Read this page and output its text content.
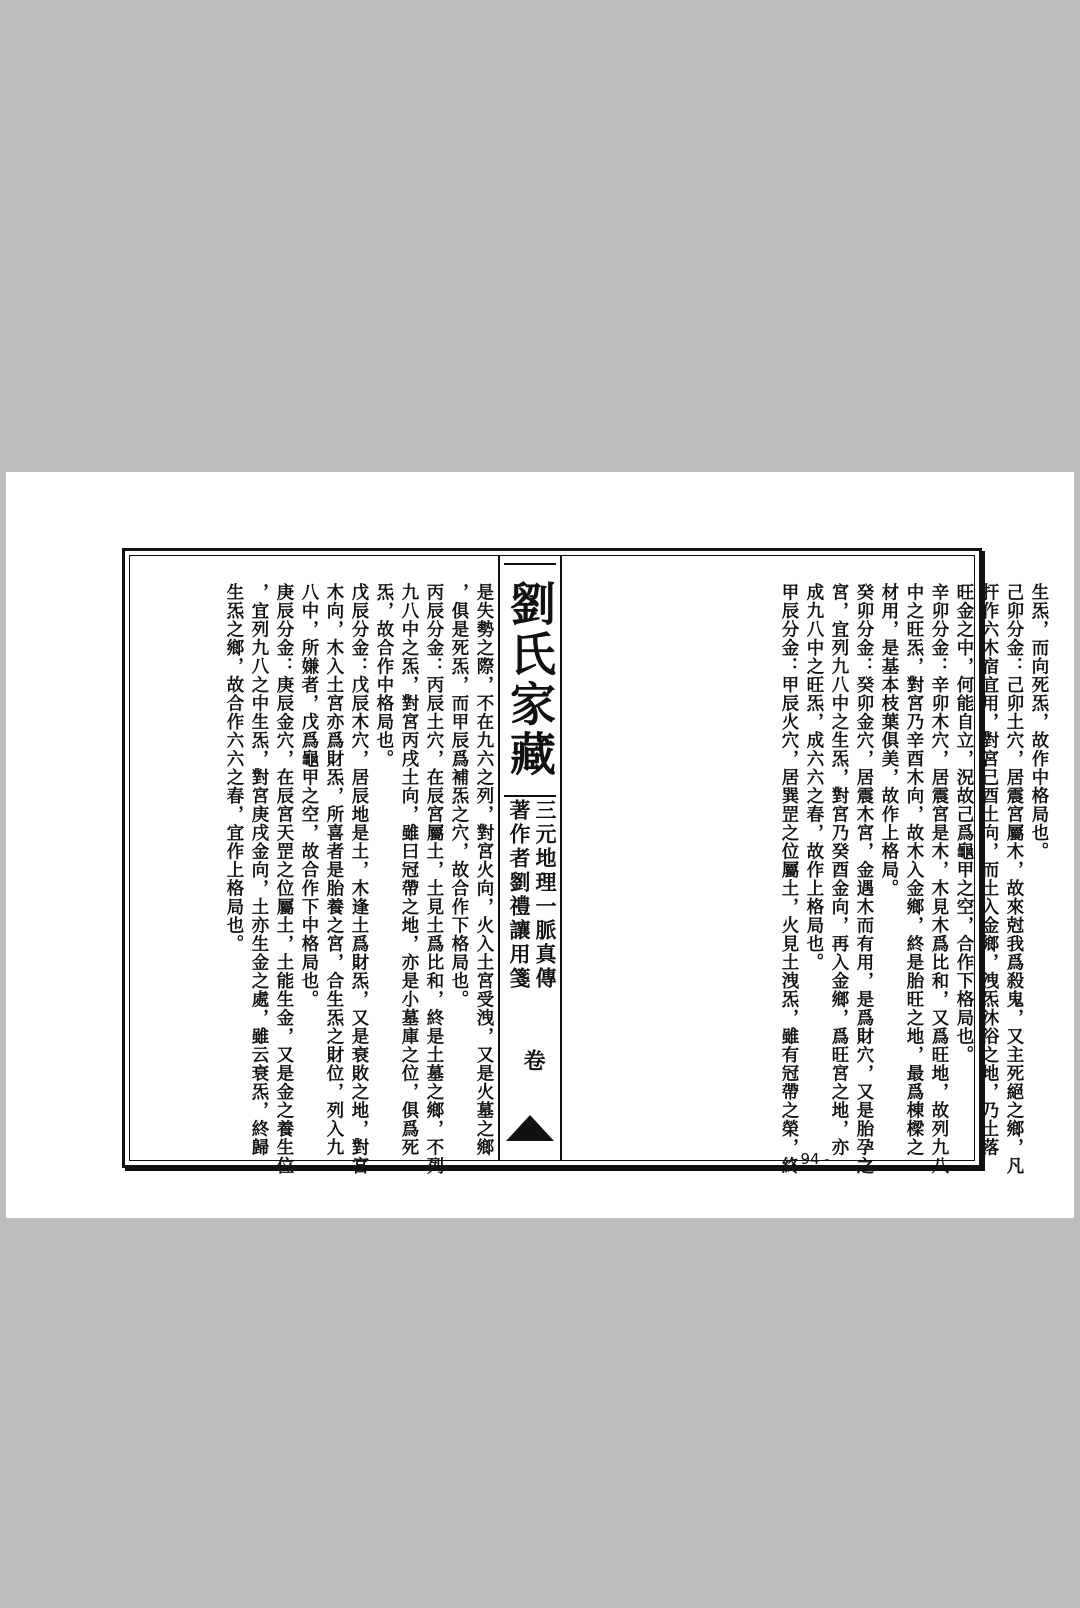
是失勢之際，不在九六之列，對宮火向，火入土宮受洩，又是火墓之鄉
，俱是死炁，而甲辰爲補炁之穴，故合作下格局也。
丙辰分金：丙辰土穴，在辰宮屬土，土見土爲比和，終是土墓之鄉，不列
九八中之炁，對宮丙戌土向，雖曰冠帶之地，亦是小墓庫之位，俱爲死
炁，故合作中格局也。
戊辰分金：戊辰木穴，居辰地是土，木逢土爲財炁，又是衰敗之地，對宮
木向，木入土宮亦爲財炁，所喜者是胎養之宮，合生炁之財位，列入九
八中，所嫌者，戊爲龜甲之空，故合作下中格局也。
庚辰分金：庚辰金穴，在辰宮天罡之位屬土，土能生金，又是金之養生位
，宜列九八之中生炁，對宮庚戌金向，土亦生金之處，雖云衰炁，終歸
生炁之鄉，故合作六六之春，宜作上格局也。	劉氏家藏
三元地理一脈真傳
著作者劉禮讓用箋
卷
生炁，而向死炁，故作中格局也。
己卯分金：己卯土穴，居震宮屬木，故來尅我爲殺鬼，又主死絕之鄉，凡
扞作六木宿宜用，對宮己酉土向，而土入金鄉，洩炁沐浴之地，乃土落
旺金之中，何能自立，況故己爲龜甲之空，合作下格局也。
辛卯分金：辛卯木穴，居震宮是木，木見木爲比和，又爲旺地，故列九八
中之旺炁，對宮乃辛酉木向，故木入金鄉，終是胎旺之地，最爲棟樑之
材用，是基本枝葉俱美，故作上格局。
癸卯分金：癸卯金穴，居震木宮，金遇木而有用，是爲財穴，又是胎孕之
宮，宜列九八中之生炁，對宮乃癸酉金向，再入金鄉，爲旺宮之地，亦
成九八中之旺炁，成六六之春，故作上格局也。
甲辰分金：甲辰火穴，居巽罡之位屬土，火見土洩炁，雖有冠帶之榮，終
- 94 -
